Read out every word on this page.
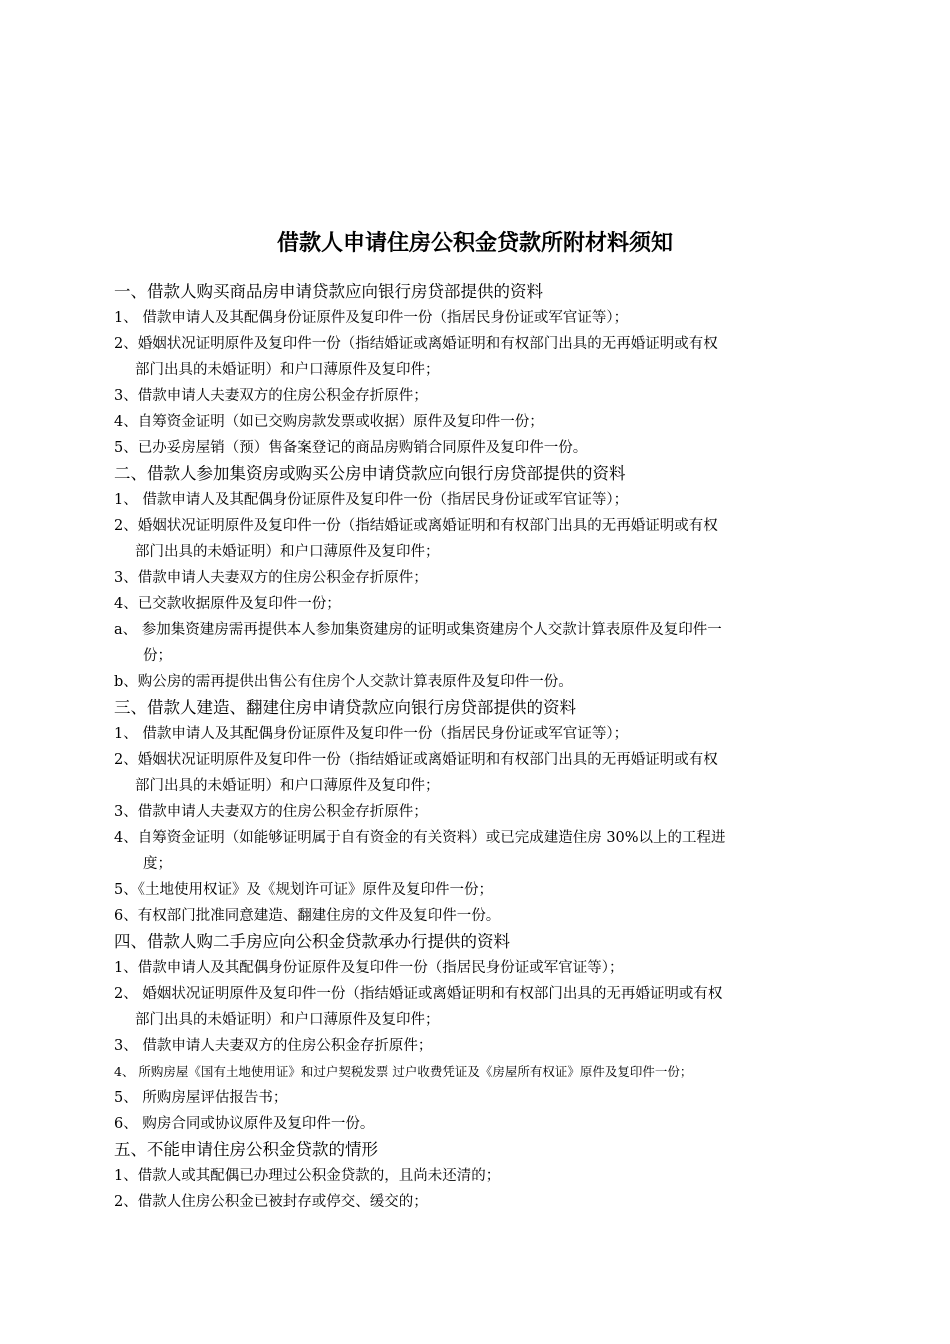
借款人申请住房公积金贷款所附材料须知
一、借款人购买商品房申请贷款应向银行房贷部提供的资料

1、 借款申请人及其配偶身份证原件及复印件一份（指居民身份证或军官证等）；

2、婚姻状况证明原件及复印件一份（指结婚证或离婚证明和有权部门出具的无再婚证明或有权
部门出具的未婚证明）和户口薄原件及复印件；

3、借款申请人夫妻双方的住房公积金存折原件；

4、自筹资金证明（如已交购房款发票或收据）原件及复印件一份；

5、已办妥房屋销（预）售备案登记的商品房购销合同原件及复印件一份。

二、借款人参加集资房或购买公房申请贷款应向银行房贷部提供的资料

1、 借款申请人及其配偶身份证原件及复印件一份（指居民身份证或军官证等）；

2、婚姻状况证明原件及复印件一份（指结婚证或离婚证明和有权部门出具的无再婚证明或有权
部门出具的未婚证明）和户口薄原件及复印件；

3、借款申请人夫妻双方的住房公积金存折原件；

4、已交款收据原件及复印件一份；

a、 参加集资建房需再提供本人参加集资建房的证明或集资建房个人交款计算表原件及复印件一
份；

b、购公房的需再提供出售公有住房个人交款计算表原件及复印件一份。

三、借款人建造、翻建住房申请贷款应向银行房贷部提供的资料

1、 借款申请人及其配偶身份证原件及复印件一份（指居民身份证或军官证等）；

2、婚姻状况证明原件及复印件一份（指结婚证或离婚证明和有权部门出具的无再婚证明或有权
部门出具的未婚证明）和户口薄原件及复印件；

3、借款申请人夫妻双方的住房公积金存折原件；

4、自筹资金证明（如能够证明属于自有资金的有关资料）或已完成建造住房 30%以上的工程进
度；

5、《土地使用权证》及《规划许可证》原件及复印件一份；

6、有权部门批准同意建造、翻建住房的文件及复印件一份。

四、借款人购二手房应向公积金贷款承办行提供的资料

1、借款申请人及其配偶身份证原件及复印件一份（指居民身份证或军官证等）；

2、 婚姻状况证明原件及复印件一份（指结婚证或离婚证明和有权部门出具的无再婚证明或有权
部门出具的未婚证明）和户口薄原件及复印件；

3、 借款申请人夫妻双方的住房公积金存折原件；

4、 所购房屋《国有土地使用证》和过户契税发票 过户收费凭证及《房屋所有权证》原件及复印件一份；

5、 所购房屋评估报告书；

6、 购房合同或协议原件及复印件一份。

五、不能申请住房公积金贷款的情形

1、借款人或其配偶已办理过公积金贷款的，且尚未还清的；

2、借款人住房公积金已被封存或停交、缓交的；
